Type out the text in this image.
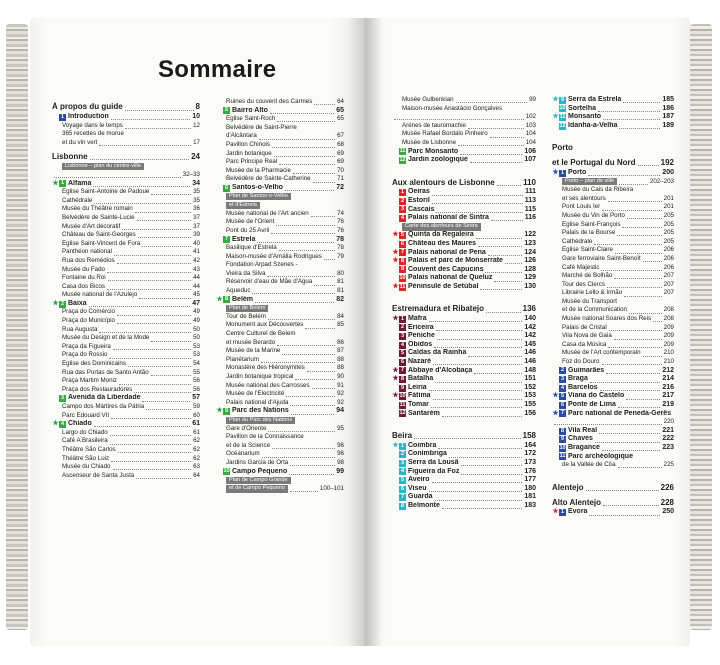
Sommaire
À propos du guide	8
1 Introduction	10
Voyage dans le temps	12
365 recettes de morue
et du vin vert	17
Lisbonne	24
Lisbonne – plan du centre-ville
32–33
★ 1 Alfama	34
Église Saint-Antoine de Padoue	35
Cathédrale	35
Musée du Théâtre romain	36
Belvédère de Sainte-Lucie	37
Musée d'Art décoratif	37
Château de Saint-Georges	39
Église Saint-Vincent de Fora	40
Panthéon national	41
Rua dos Remédios	42
Musée du Fado	43
Fontaine du Roi	44
Casa dos Bicos	44
Musée national de l'Azulejo	45
★ 2 Baixa	47
Praça do Comércio	49
Praça do Município	49
Rua Augusta	50
Musée du Design et de la Mode	50
Praça da Figueira	53
Praça do Rossio	53
Église des Dominicains	54
Rua das Portas de Santo Antão	55
Praça Martim Moniz	56
Praça dos Restauradores	56
3 Avenida da Liberdade	57
Campo dos Mártires da Pátria	59
Parc Édouard VII	60
★ 4 Chiado	61
Largo do Chiado	61
Café A Brasileira	62
Théâtre São Carlos	62
Théâtre São Luiz	62
Musée du Chiado	63
Ascenseur de Santa Justa	64
Ruines du couvent des Carmes	64
5 Bairro Alto	65
Église Saint-Roch	65
Belvédère de Saint-Pierre
d'Alcântara	67
Pavillon Chinois	68
Jardin botanique	69
Parc Principe Real	69
Musée de la Pharmacie	70
Belvédère de Sainte-Catherine	71
6 Santos-o-Velho	72
Plan de Santos-o-Velho
et d'Estrela
Musée national de l'Art ancien	74
Musée de l'Orient	76
Pont du 25 Avril	76
7 Estrela	78
Basilique d'Estrela	78
Maison-musée d'Amália Rodrigues 79
Fondation Arpad Szenes -
Vieira da Silva	80
Réservoir d'eau de Mãe d'Água	81
Aqueduc	81
★ 8 Belém	82
Plan de Belém
Tour de Belém	84
Monument aux Découvertes	85
Centre Culturel de Belem
et musée Berardo	86
Musée de la Marine	87
Planétarium	88
Monastère des Hiéronymites	88
Jardin botanique tropical	90
Musée national des Carrosses	91
Musée de l'Électricité	92
Palais national d'Ajuda	92
★ 9 Parc des Nations	94
Plan du Parc des Nations
Gare d'Oriente	95
Pavillon de la Connaissance
et de la Science	96
Océanarium	96
Jardins Garcia de Orta	98
10 Campo Pequeno	99
Plan de Campo Grande
et de Campo Pequeno	100–101
Musée Gulbenkian	99
Maison-musée Anastácio Gonçalves
102
Arènes de tauromachie	103
Musée Rafael Bordalo Pinheiro	104
Musée de Lisbonne	104
11 Parc Monsanto	106
12 Jardin zoologique	107
Aux alentours de Lisbonne	110
1 Oeiras	111
2 Estoril	113
3 Cascais	115
4 Palais national de Sintra	116
Carte des alentours de Sintra
★ 5 Quinta da Regaleira	122
6 Château des Maures	123
★ 7 Palais national de Pena	124
★ 8 Palais et parc de Monserrate	126
9 Couvent des Capucins	128
10 Palais national de Queluz	129
★ 11 Péninsule de Setúbal	130
Estremadura et Ribatejo	136
★ 1 Mafra	140
2 Ericeira	142
3 Peniche	142
4 Óbidos	145
5 Caldas da Rainha	146
6 Nazaré	146
★ 7 Abbaye d'Alcobaça	148
★ 8 Batalha	151
9 Leiria	152
★ 10 Fátima	153
11 Tomar	155
12 Santarém	156
Beira	158
★ 1 Coimbra	164
2 Conímbriga	172
3 Serra da Lousã	173
4 Figueira da Foz	176
5 Aveiro	177
6 Viseu	180
7 Guarda	181
8 Belmonte	183
★ 9 Serra da Estrela	185
10 Sortelha	186
★ 11 Monsanto	187
12 Idanha-a-Velha	189
Porto
et le Portugal du Nord	192
★ 1 Porto	200
Porto – plan de ville	202–203
Musée du Cais da Ribeira
et ses alentours	201
Pont Louis Ier	201
Musée du Vin de Porto	205
Église Saint-François	205
Palais de la Bourse	205
Cathédrale	205
Église Saint-Claire	206
Gare ferroviaire Saint-Benoît	206
Café Majestic	206
Marché de Bolhão	207
Tour des Clercs	207
Librairie Lello & Irmão	207
Musée du Transport
et de la Communication	208
Musée national Soares dos Reis 208
Palais de Cristal	209
Vila Nova de Gaia	209
Casa da Música	209
Musée de l'Art contemporain	210
Foz do Douro	210
2 Guimarães	212
3 Braga	214
4 Barcelos	216
★ 5 Viana do Castelo	217
6 Ponte de Lima	219
★ 7 Parc national de Peneda-Gerês
220
8 Vila Real	221
9 Chaves	222
10 Bragance	223
11 Parc archéologique
de la Vallée de Côa	225
Alentejo	226
Alto Alentejo	228
★ 1 Évora	250
